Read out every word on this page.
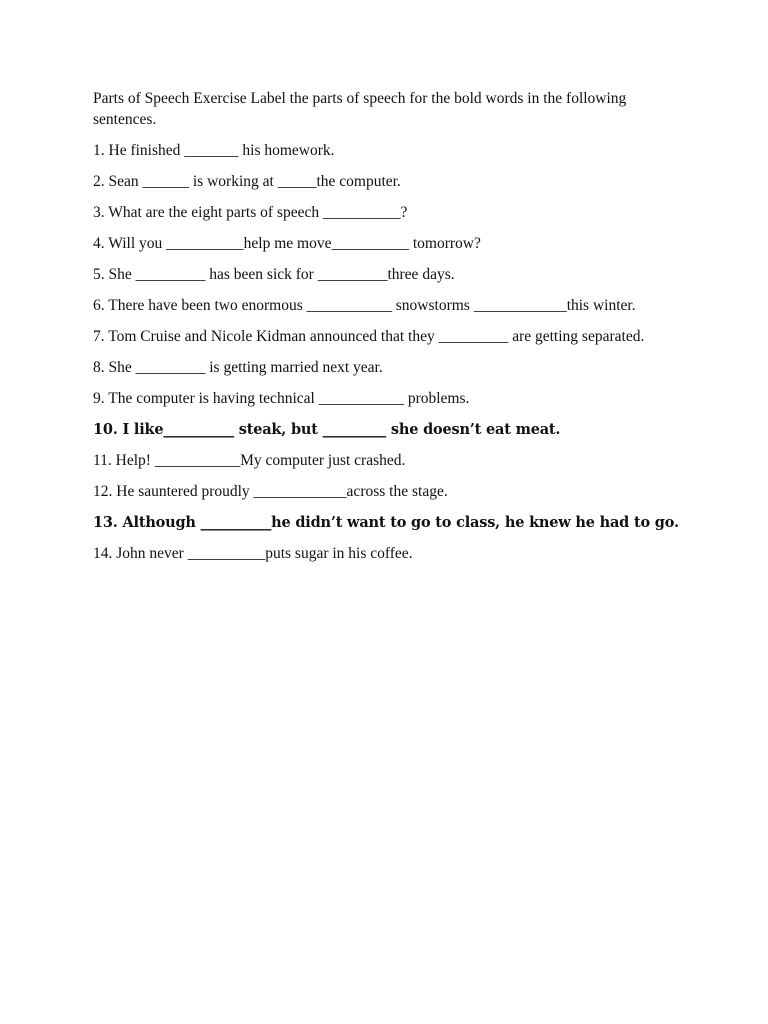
Parts of Speech Exercise Label the parts of speech for the bold words in the following sentences.

1. He finished _______ his homework.

2. Sean ______ is working at _____the computer.

3. What are the eight parts of speech __________?

4. Will you __________help me move__________ tomorrow?

5. She _________ has been sick for _________three days.

6. There have been two enormous ___________ snowstorms ____________this winter.

7. Tom Cruise and Nicole Kidman announced that they _________ are getting separated.

8. She _________ is getting married next year.

9. The computer is having technical ___________ problems.

10. I like__________ steak, but _________ she doesn’t eat meat.

11. Help! ___________My computer just crashed.

12. He sauntered proudly ____________across the stage.

13. Although __________he didn’t want to go to class, he knew he had to go.

14. John never __________puts sugar in his coffee.
